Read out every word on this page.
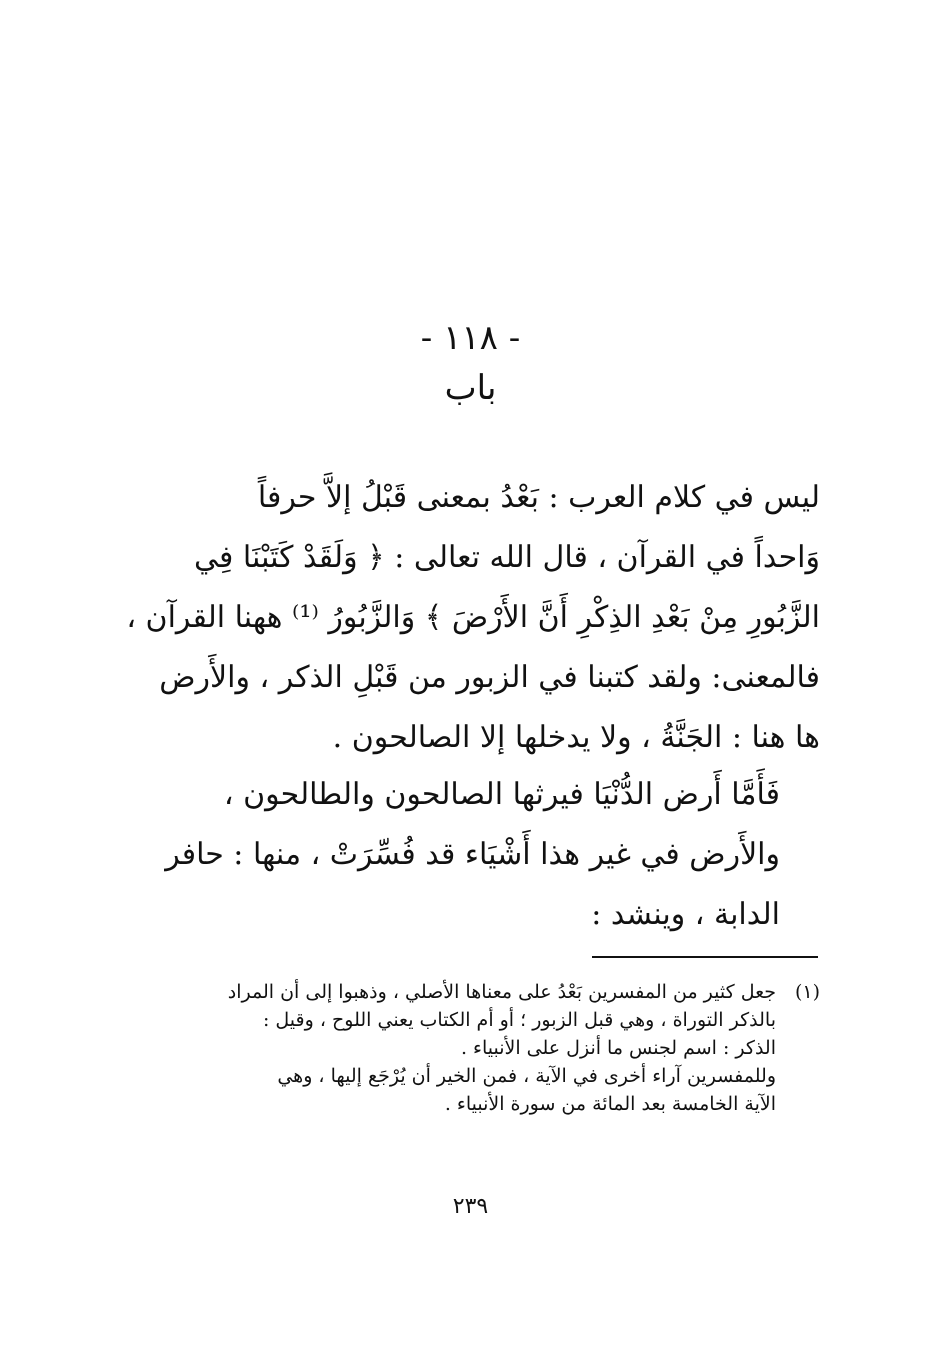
- ١١٨ -
باب
ليس في كلام العرب : بَعْدُ بمعنى قَبْلُ إلاَّ حرفاً
وَاحداً في القرآن ، قال الله تعالى : ﴿ وَلَقَدْ كَتَبْنَا فِي
الزَّبُورِ مِنْ بَعْدِ الذِكْرِ أَنَّ الأَرْضَ ﴾ وَالزَّبُورُ ⁽¹⁾ ههنا القرآن ،
فالمعنى: ولقد كتبنا في الزبور من قَبْلِ الذكر ، والأَرض
ها هنا : الجَنَّةُ ، ولا يدخلها إلا الصالحون .
فَأَمَّا أَرض الدُّنْيَا فيرثها الصالحون والطالحون ،
والأَرض في غير هذا أَشْيَاء قد فُسِّرَتْ ، منها : حافر
الدابة ، وينشد :
(١)جعل كثير من المفسرين بَعْدُ على معناها الأصلي ، وذهبوا إلى أن المراد
بالذكر التوراة ، وهي قبل الزبور ؛ أو أم الكتاب يعني اللوح ، وقيل :
الذكر : اسم لجنس ما أنزل على الأنبياء .
وللمفسرين آراء أخرى في الآية ، فمن الخير أن يُرْجَع إليها ، وهي
الآية الخامسة بعد المائة من سورة الأنبياء .
٢٣٩
